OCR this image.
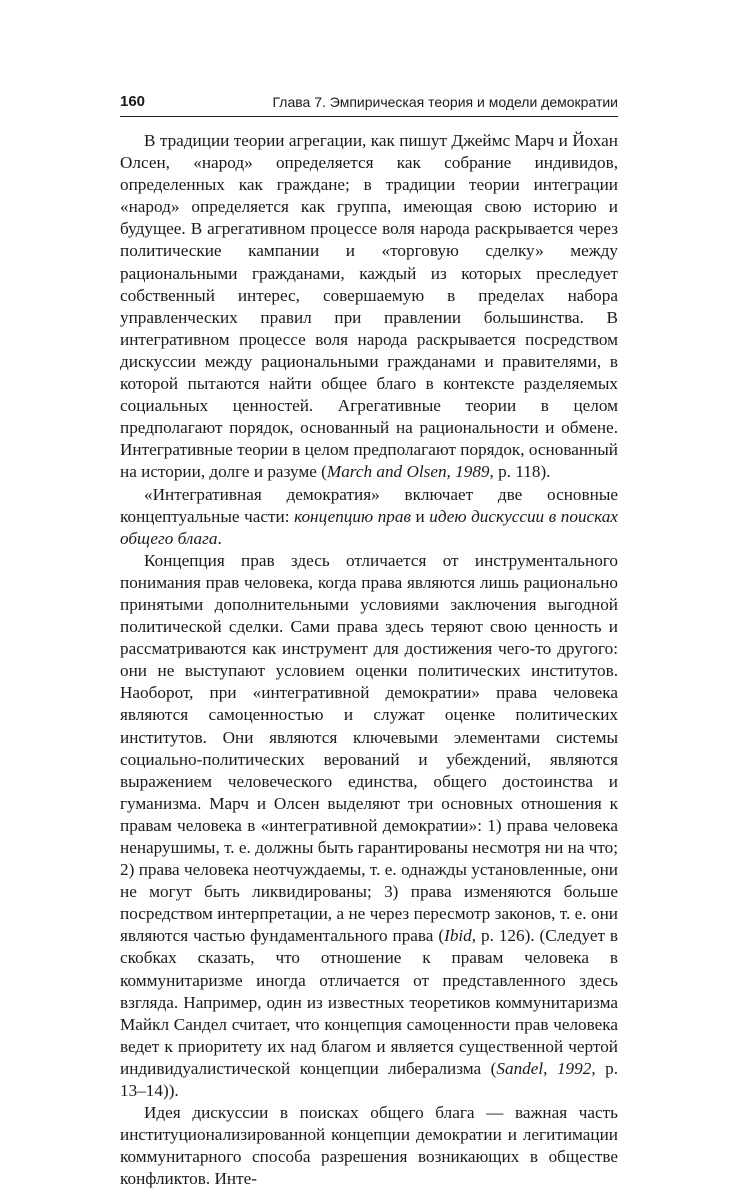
160	Глава 7. Эмпирическая теория и модели демократии

В традиции теории агрегации, как пишут Джеймс Марч и Йохан Олсен, «народ» определяется как собрание индивидов, определенных как граждане; в традиции теории интеграции «народ» определяется как группа, имеющая свою историю и будущее. В агрегативном процессе воля народа раскрывается через политические кампании и «торговую сделку» между рациональными гражданами, каждый из которых преследует собственный интерес, совершаемую в пределах набора управленческих правил при правлении большинства. В интегративном процессе воля народа раскрывается посредством дискуссии между рациональными гражданами и правителями, в которой пытаются найти общее благо в контексте разделяемых социальных ценностей. Агрегативные теории в целом предполагают порядок, основанный на рациональности и обмене. Интегративные теории в целом предполагают порядок, основанный на истории, долге и разуме (March and Olsen, 1989, p. 118).

«Интегративная демократия» включает две основные концептуальные части: концепцию прав и идею дискуссии в поисках общего блага.

Концепция прав здесь отличается от инструментального понимания прав человека, когда права являются лишь рационально принятыми дополнительными условиями заключения выгодной политической сделки. Сами права здесь теряют свою ценность и рассматриваются как инструмент для достижения чего-то другого: они не выступают условием оценки политических институтов. Наоборот, при «интегративной демократии» права человека являются самоценностью и служат оценке политических институтов. Они являются ключевыми элементами системы социально-политических верований и убеждений, являются выражением человеческого единства, общего достоинства и гуманизма. Марч и Олсен выделяют три основных отношения к правам человека в «интегративной демократии»: 1) права человека ненарушимы, т. е. должны быть гарантированы несмотря ни на что; 2) права человека неотчуждаемы, т. е. однажды установленные, они не могут быть ликвидированы; 3) права изменяются больше посредством интерпретации, а не через пересмотр законов, т. е. они являются частью фундаментального права (Ibid, p. 126). (Следует в скобках сказать, что отношение к правам человека в коммунитаризме иногда отличается от представленного здесь взгляда. Например, один из известных теоретиков коммунитаризма Майкл Сандел считает, что концепция самоценности прав человека ведет к приоритету их над благом и является существенной чертой индивидуалистической концепции либерализма (Sandel, 1992, p. 13–14)).

Идея дискуссии в поисках общего блага — важная часть институционализированной концепции демократии и легитимации коммунитарного способа разрешения возникающих в обществе конфликтов. Инте-
